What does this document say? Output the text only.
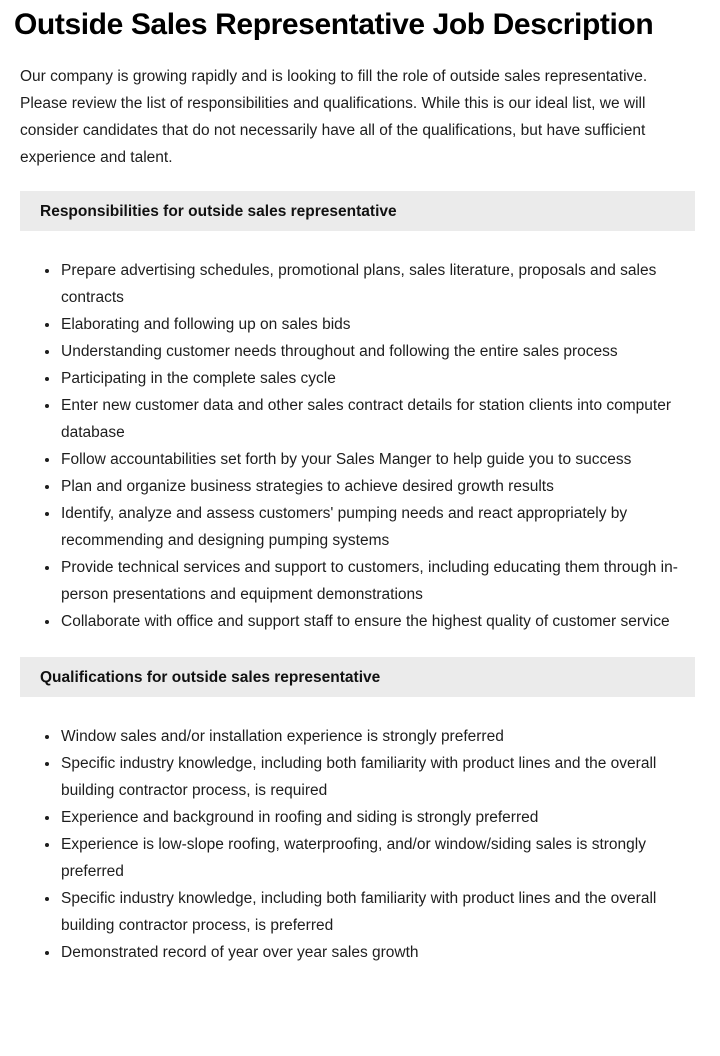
Outside Sales Representative Job Description

Our company is growing rapidly and is looking to fill the role of outside sales representative. Please review the list of responsibilities and qualifications. While this is our ideal list, we will consider candidates that do not necessarily have all of the qualifications, but have sufficient experience and talent.

Responsibilities for outside sales representative
• Prepare advertising schedules, promotional plans, sales literature, proposals and sales contracts
• Elaborating and following up on sales bids
• Understanding customer needs throughout and following the entire sales process
• Participating in the complete sales cycle
• Enter new customer data and other sales contract details for station clients into computer database
• Follow accountabilities set forth by your Sales Manger to help guide you to success
• Plan and organize business strategies to achieve desired growth results
• Identify, analyze and assess customers' pumping needs and react appropriately by recommending and designing pumping systems
• Provide technical services and support to customers, including educating them through in-person presentations and equipment demonstrations
• Collaborate with office and support staff to ensure the highest quality of customer service
Qualifications for outside sales representative
• Window sales and/or installation experience is strongly preferred
• Specific industry knowledge, including both familiarity with product lines and the overall building contractor process, is required
• Experience and background in roofing and siding is strongly preferred
• Experience is low-slope roofing, waterproofing, and/or window/siding sales is strongly preferred
• Specific industry knowledge, including both familiarity with product lines and the overall building contractor process, is preferred
• Demonstrated record of year over year sales growth
